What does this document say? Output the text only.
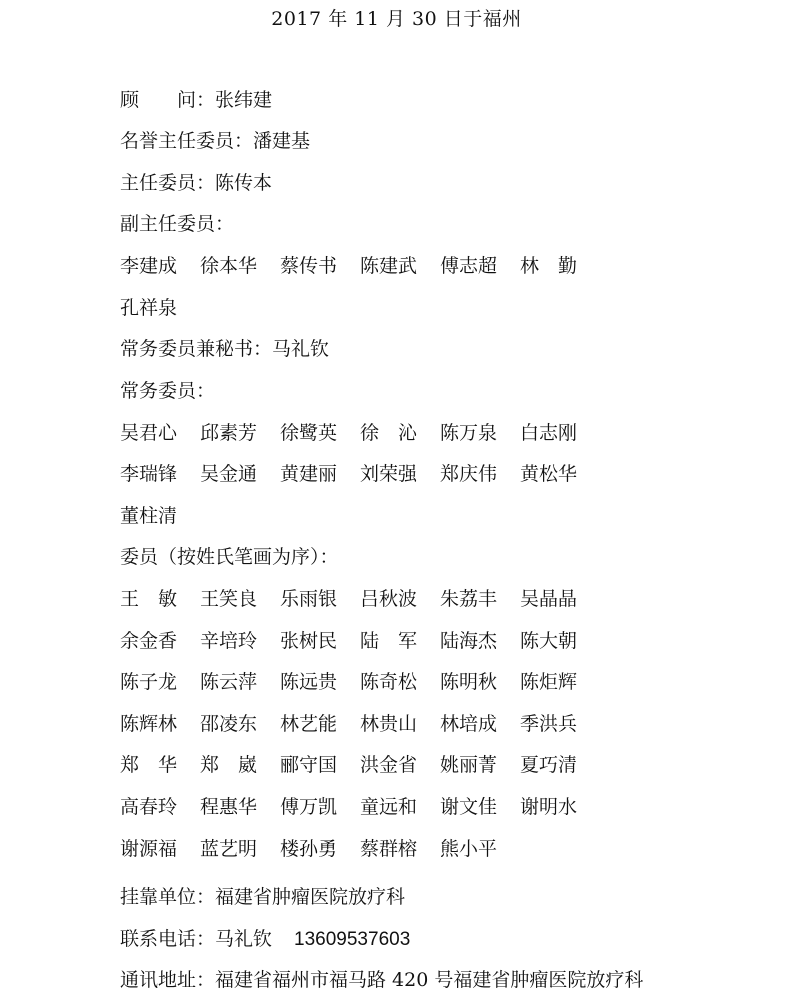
2017 年 11 月 30 日于福州
顾　　问：张纬建
名誉主任委员：潘建基
主任委员：陈传本
副主任委员：
李建成 徐本华 蔡传书 陈建武 傅志超 林　勤
孔祥泉
常务委员兼秘书：马礼钦
常务委员：
吴君心 邱素芳 徐鹭英 徐　沁 陈万泉 白志刚
李瑞锋 吴金通 黄建丽 刘荣强 郑庆伟 黄松华
董柱清
委员（按姓氏笔画为序）：
王　敏 王笑良 乐雨银 吕秋波 朱荔丰 吴晶晶
余金香 辛培玲 张树民 陆　军 陆海杰 陈大朝
陈子龙 陈云萍 陈远贵 陈奇松 陈明秋 陈炬辉
陈辉林 邵凌东 林艺能 林贵山 林培成 季洪兵
郑　华 郑　崴 郦守国 洪金省 姚丽菁 夏巧清
高春玲 程惠华 傅万凯 童远和 谢文佳 谢明水
谢源福 蓝艺明 楼孙勇 蔡群榕 熊小平
挂靠单位：福建省肿瘤医院放疗科
联系电话：马礼钦 13609537603
通讯地址：福建省福州市福马路 420 号福建省肿瘤医院放疗科
